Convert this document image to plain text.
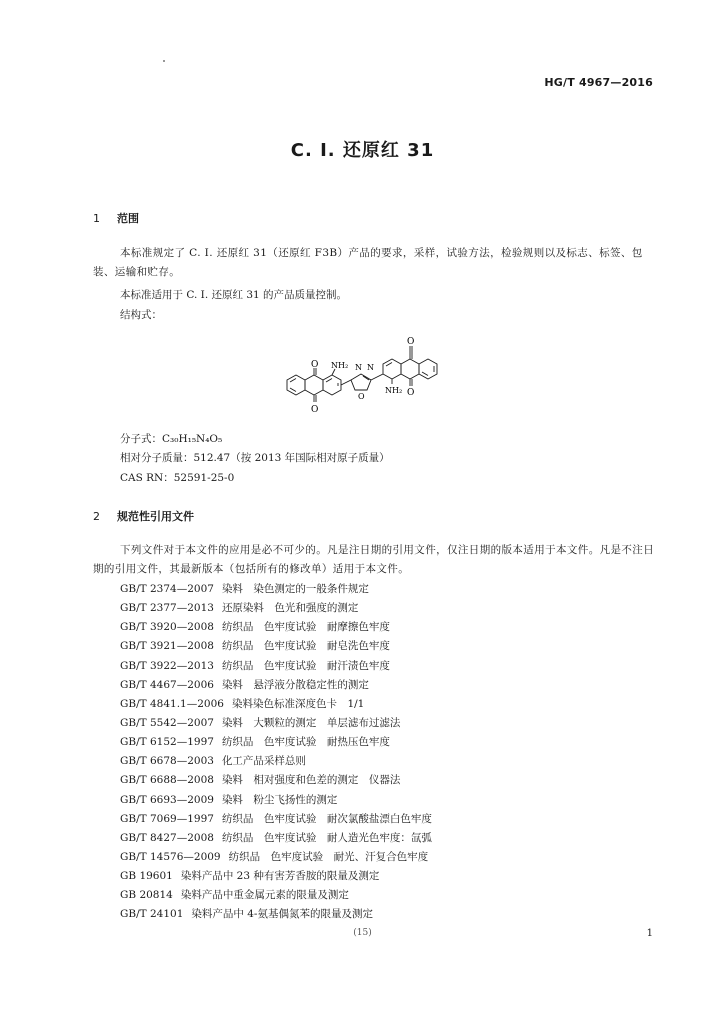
HG/T 4967—2016
C. I. 还原红 31
1 范围
本标准规定了 C. I. 还原红 31（还原红 F3B）产品的要求，采样，试验方法，检验规则以及标志、标签、包装、运输和贮存。
本标准适用于 C. I. 还原红 31 的产品质量控制。
结构式：
O
O
NH₂ N N
O
O
O
NH₂
分子式：C₃₀H₁₅N₄O₅
相对分子质量：512.47（按 2013 年国际相对原子质量）
CAS RN：52591-25-0
2 规范性引用文件
下列文件对于本文件的应用是必不可少的。凡是注日期的引用文件，仅注日期的版本适用于本文件。凡是不注日期的引用文件，其最新版本（包括所有的修改单）适用于本文件。
GB/T 2374—2007 染料　染色测定的一般条件规定
GB/T 2377—2013 还原染料　色光和强度的测定
GB/T 3920—2008 纺织品　色牢度试验　耐摩擦色牢度
GB/T 3921—2008 纺织品　色牢度试验　耐皂洗色牢度
GB/T 3922—2013 纺织品　色牢度试验　耐汗渍色牢度
GB/T 4467—2006 染料　悬浮液分散稳定性的测定
GB/T 4841.1—2006 染料染色标准深度色卡　1/1
GB/T 5542—2007 染料　大颗粒的测定　单层滤布过滤法
GB/T 6152—1997 纺织品　色牢度试验　耐热压色牢度
GB/T 6678—2003 化工产品采样总则
GB/T 6688—2008 染料　相对强度和色差的测定　仪器法
GB/T 6693—2009 染料　粉尘飞扬性的测定
GB/T 7069—1997 纺织品　色牢度试验　耐次氯酸盐漂白色牢度
GB/T 8427—2008 纺织品　色牢度试验　耐人造光色牢度：氙弧
GB/T 14576—2009 纺织品　色牢度试验　耐光、汗复合色牢度
GB 19601 染料产品中 23 种有害芳香胺的限量及测定
GB 20814 染料产品中重金属元素的限量及测定
GB/T 24101 染料产品中 4-氨基偶氮苯的限量及测定
(15)	1
